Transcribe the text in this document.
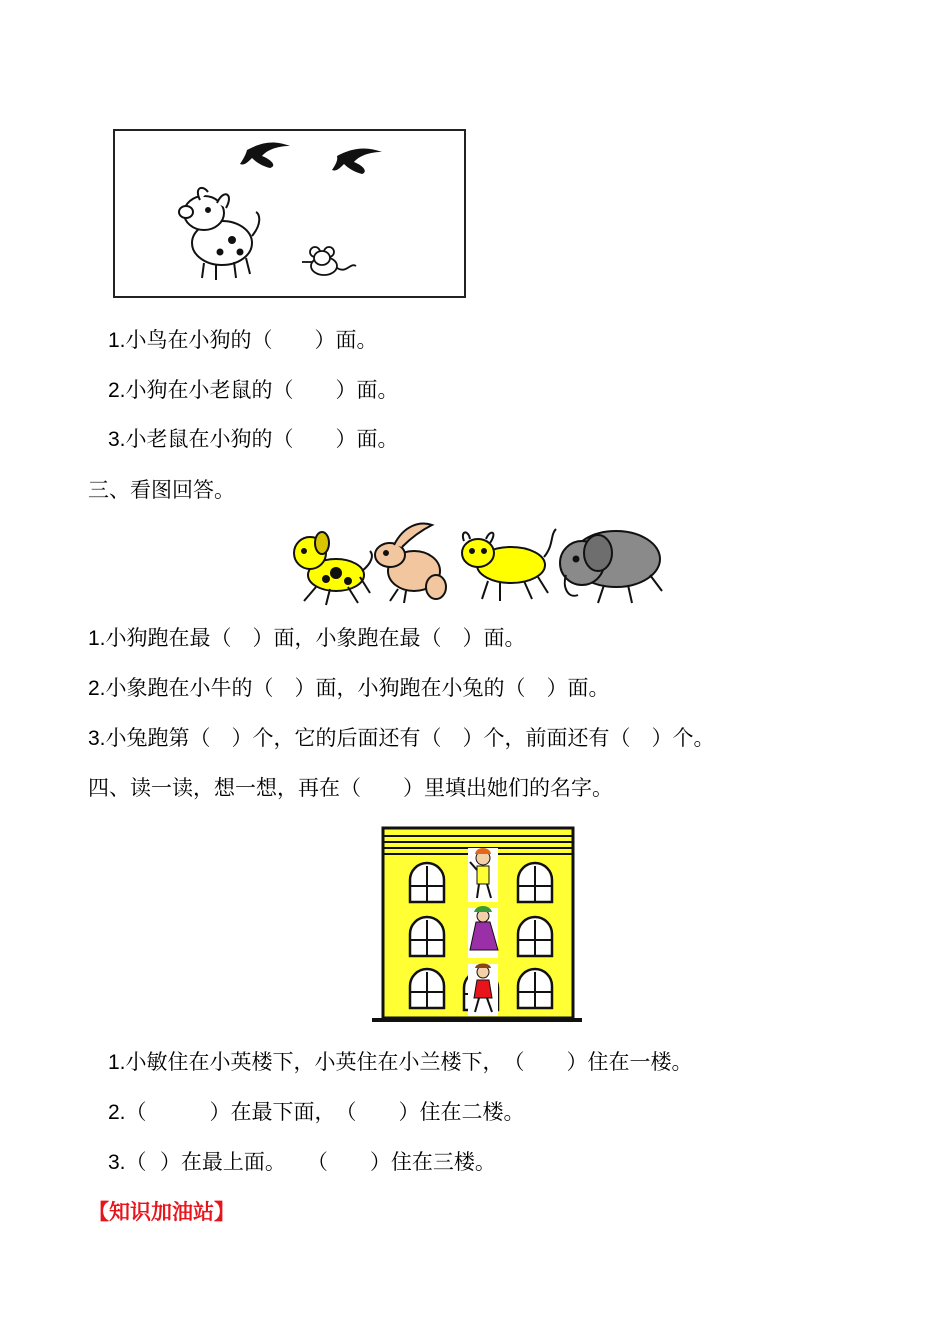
1.小鸟在小狗的（　　）面。
2.小狗在小老鼠的（　　）面。
3.小老鼠在小狗的（　　）面。
三、看图回答。
1.小狗跑在最（　）面，小象跑在最（　）面。
2.小象跑在小牛的（　）面，小狗跑在小兔的（　）面。
3.小兔跑第（　）个，它的后面还有（　）个，前面还有（　）个。
四、读一读，想一想，再在（　　）里填出她们的名字。
1.小敏住在小英楼下，小英住在小兰楼下，　（　　）住在一楼。
2.（　　　）在最下面，　（　　）住在二楼。
3.（  ）在最上面。　　（　　）住在三楼。
【知识加油站】
